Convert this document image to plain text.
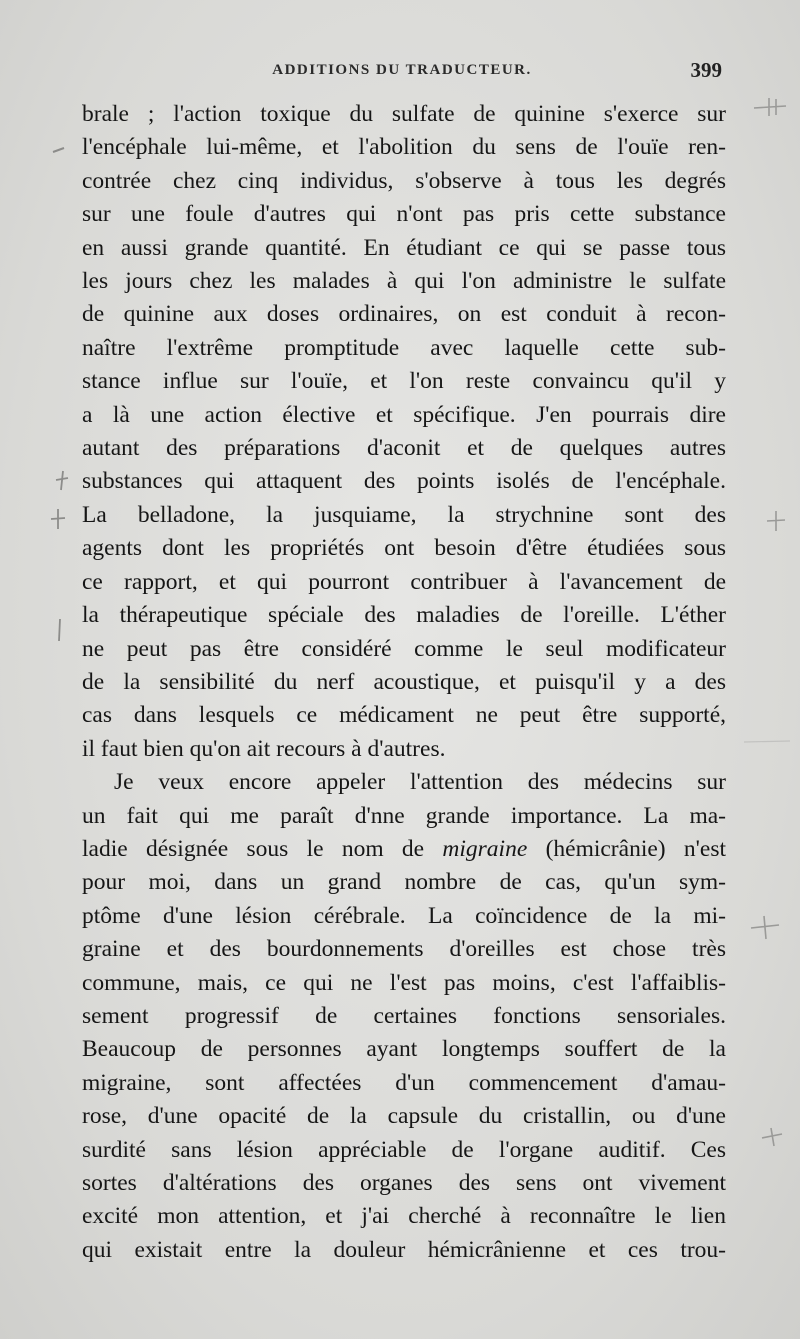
ADDITIONS DU TRADUCTEUR.	399
brale ; l'action toxique du sulfate de quinine s'exerce sur
l'encéphale lui-même, et l'abolition du sens de l'ouïe ren-
contrée chez cinq individus, s'observe à tous les degrés
sur une foule d'autres qui n'ont pas pris cette substance
en aussi grande quantité. En étudiant ce qui se passe tous
les jours chez les malades à qui l'on administre le sulfate
de quinine aux doses ordinaires, on est conduit à recon-
naître l'extrême promptitude avec laquelle cette sub-
stance influe sur l'ouïe, et l'on reste convaincu qu'il y
a là une action élective et spécifique. J'en pourrais dire
autant des préparations d'aconit et de quelques autres
substances qui attaquent des points isolés de l'encéphale.
La belladone, la jusquiame, la strychnine sont des
agents dont les propriétés ont besoin d'être étudiées sous
ce rapport, et qui pourront contribuer à l'avancement de
la thérapeutique spéciale des maladies de l'oreille. L'éther
ne peut pas être considéré comme le seul modificateur
de la sensibilité du nerf acoustique, et puisqu'il y a des
cas dans lesquels ce médicament ne peut être supporté,
il faut bien qu'on ait recours à d'autres.
Je veux encore appeler l'attention des médecins sur
un fait qui me paraît d'nne grande importance. La ma-
ladie désignée sous le nom de migraine (hémicrânie) n'est
pour moi, dans un grand nombre de cas, qu'un sym-
ptôme d'une lésion cérébrale. La coïncidence de la mi-
graine et des bourdonnements d'oreilles est chose très
commune, mais, ce qui ne l'est pas moins, c'est l'affaiblis-
sement progressif de certaines fonctions sensoriales.
Beaucoup de personnes ayant longtemps souffert de la
migraine, sont affectées d'un commencement d'amau-
rose, d'une opacité de la capsule du cristallin, ou d'une
surdité sans lésion appréciable de l'organe auditif. Ces
sortes d'altérations des organes des sens ont vivement
excité mon attention, et j'ai cherché à reconnaître le lien
qui existait entre la douleur hémicrânienne et ces trou-
